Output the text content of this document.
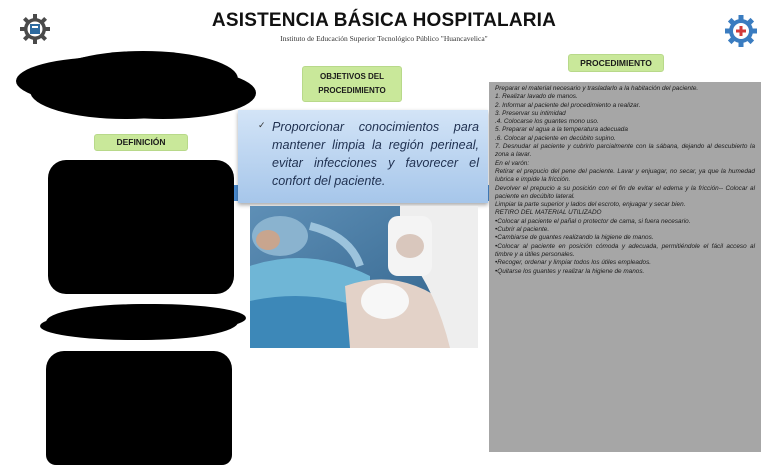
ASISTENCIA BÁSICA HOSPITALARIA
Instituto de Educación Superior Tecnológico Público "Huancavelica"
DEFINICIÓN
OBJETIVOS DEL PROCEDIMIENTO
✓ Proporcionar conocimientos para mantener limpia la región perineal, evitar infecciones y favorecer el confort del paciente.
PROCEDIMIENTO
Preparar el material necesario y trasladarlo a la habitación del paciente.
1. Realizar lavado de manos.
2. Informar al paciente del procedimiento a realizar.
3. Preservar su intimidad
.4. Colocarse los guantes mono uso.
5. Preparar el agua a la temperatura adecuada
.6. Colocar al paciente en decúbito supino.
7. Desnudar al paciente y cubrirlo parcialmente con la sábana, dejando al descubierto la zona a lavar.
En el varón:
Retirar el prepucio del pene del paciente. Lavar y enjuagar, no secar, ya que la humedad lubrica e impide la fricción.
Devolver el prepucio a su posición con el fin de evitar el edema y la fricción-- Colocar al paciente en decúbito lateral.
Limpiar la parte superior y lados del escroto, enjuagar y secar bien.
RETIRO DEL MATERIAL UTILIZADO
•Colocar al paciente el pañal o protector de cama, si fuera necesario.
•Cubrir al paciente.
•Cambiarse de guantes realizando la higiene de manos.
•Colocar al paciente en posición cómoda y adecuada, permitiéndole el fácil acceso al timbre y a útiles personales.
•Recoger, ordenar y limpiar todos los útiles empleados.
•Quitarse los guantes y realizar la higiene de manos.
